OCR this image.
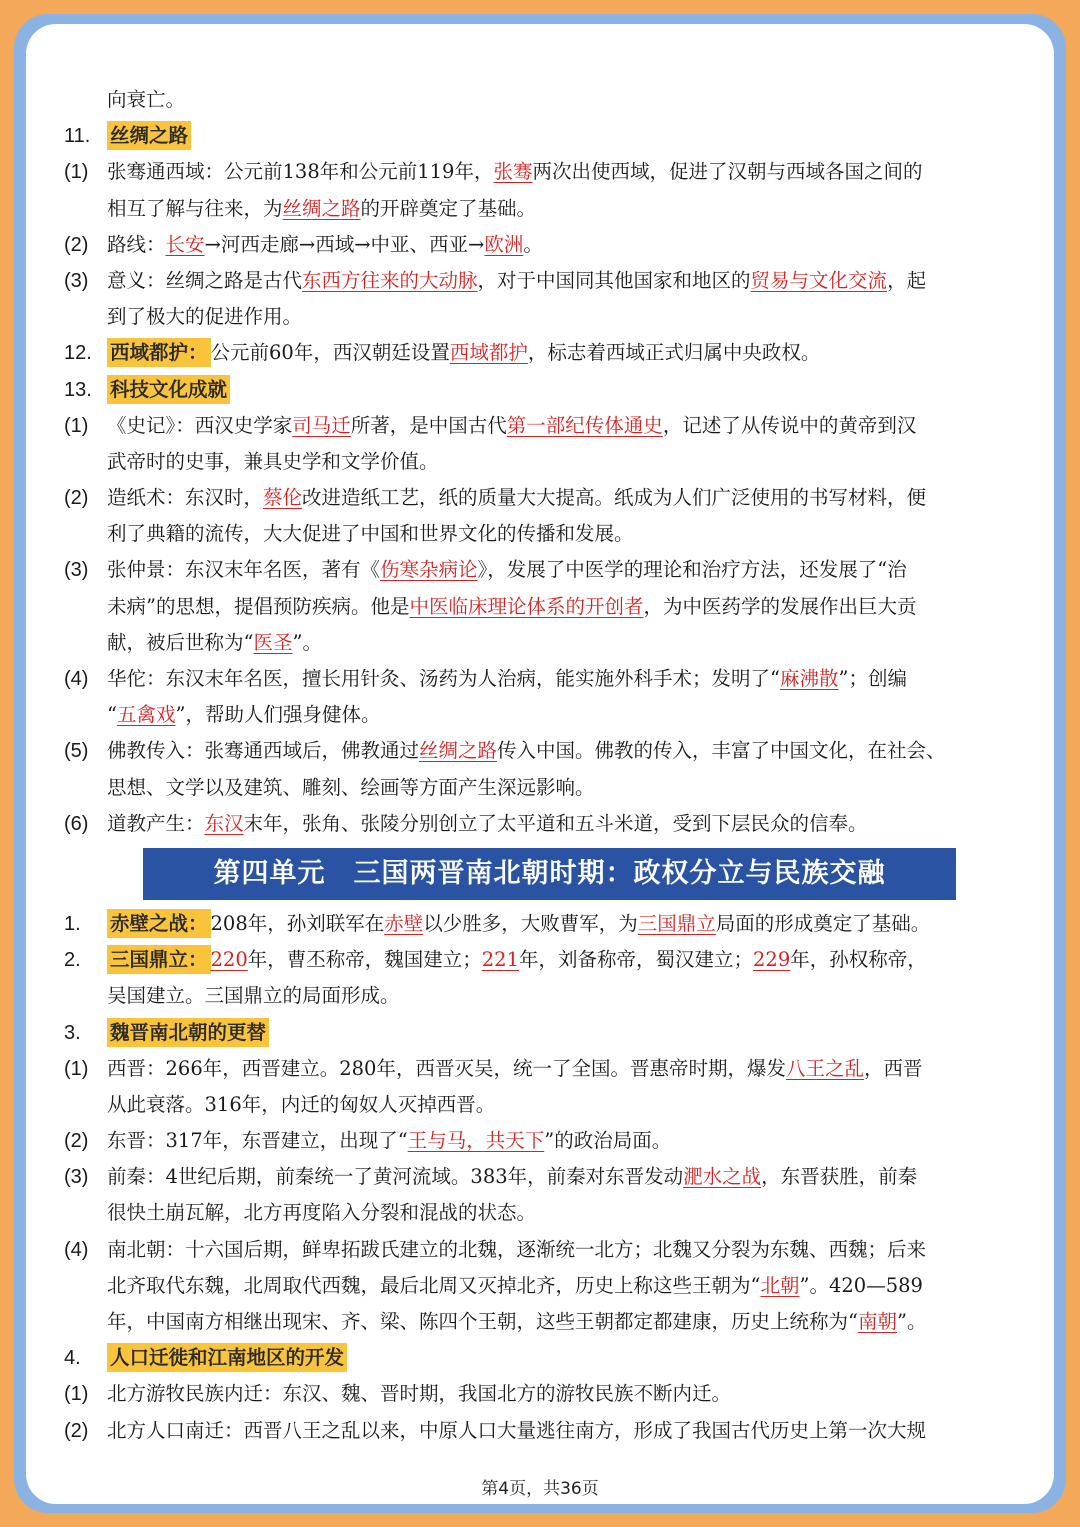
向衰亡。
11. 丝绸之路
(1) 张骞通西域：公元前138年和公元前119年，张骞两次出使西域，促进了汉朝与西域各国之间的
相互了解与往来，为丝绸之路的开辟奠定了基础。
(2) 路线：长安→河西走廊→西域→中亚、西亚→欧洲。
(3) 意义：丝绸之路是古代东西方往来的大动脉，对于中国同其他国家和地区的贸易与文化交流，起
到了极大的促进作用。
12. 西域都护： 公元前60年，西汉朝廷设置西域都护，标志着西域正式归属中央政权。
13. 科技文化成就
(1) 《史记》：西汉史学家司马迁所著，是中国古代第一部纪传体通史，记述了从传说中的黄帝到汉
武帝时的史事，兼具史学和文学价值。
(2) 造纸术：东汉时，蔡伦改进造纸工艺，纸的质量大大提高。纸成为人们广泛使用的书写材料，便
利了典籍的流传，大大促进了中国和世界文化的传播和发展。
(3) 张仲景：东汉末年名医，著有《伤寒杂病论》，发展了中医学的理论和治疗方法，还发展了“治
未病”的思想，提倡预防疾病。他是中医临床理论体系的开创者，为中医药学的发展作出巨大贡
献，被后世称为“医圣”。
(4) 华佗：东汉末年名医，擅长用针灸、汤药为人治病，能实施外科手术；发明了“麻沸散”；创编
“五禽戏”，帮助人们强身健体。
(5) 佛教传入：张骞通西域后，佛教通过丝绸之路传入中国。佛教的传入，丰富了中国文化，在社会、
思想、文学以及建筑、雕刻、绘画等方面产生深远影响。
(6) 道教产生：东汉末年，张角、张陵分别创立了太平道和五斗米道，受到下层民众的信奉。
第四单元　三国两晋南北朝时期：政权分立与民族交融
1. 赤壁之战： 208年，孙刘联军在赤壁以少胜多，大败曹军，为三国鼎立局面的形成奠定了基础。
2. 三国鼎立： 220年，曹丕称帝，魏国建立；221年，刘备称帝，蜀汉建立；229年，孙权称帝，
吴国建立。三国鼎立的局面形成。
3. 魏晋南北朝的更替
(1) 西晋：266年，西晋建立。280年，西晋灭吴，统一了全国。晋惠帝时期，爆发八王之乱，西晋
从此衰落。316年，内迁的匈奴人灭掉西晋。
(2) 东晋：317年，东晋建立，出现了“王与马，共天下”的政治局面。
(3) 前秦：4世纪后期，前秦统一了黄河流域。383年，前秦对东晋发动淝水之战，东晋获胜，前秦
很快土崩瓦解，北方再度陷入分裂和混战的状态。
(4) 南北朝：十六国后期，鲜卑拓跋氏建立的北魏，逐渐统一北方；北魏又分裂为东魏、西魏；后来
北齐取代东魏，北周取代西魏，最后北周又灭掉北齐，历史上称这些王朝为“北朝”。420—589
年，中国南方相继出现宋、齐、梁、陈四个王朝，这些王朝都定都建康，历史上统称为“南朝”。
4. 人口迁徙和江南地区的开发
(1) 北方游牧民族内迁：东汉、魏、晋时期，我国北方的游牧民族不断内迁。
(2) 北方人口南迁：西晋八王之乱以来，中原人口大量逃往南方，形成了我国古代历史上第一次大规
第4页，共36页
